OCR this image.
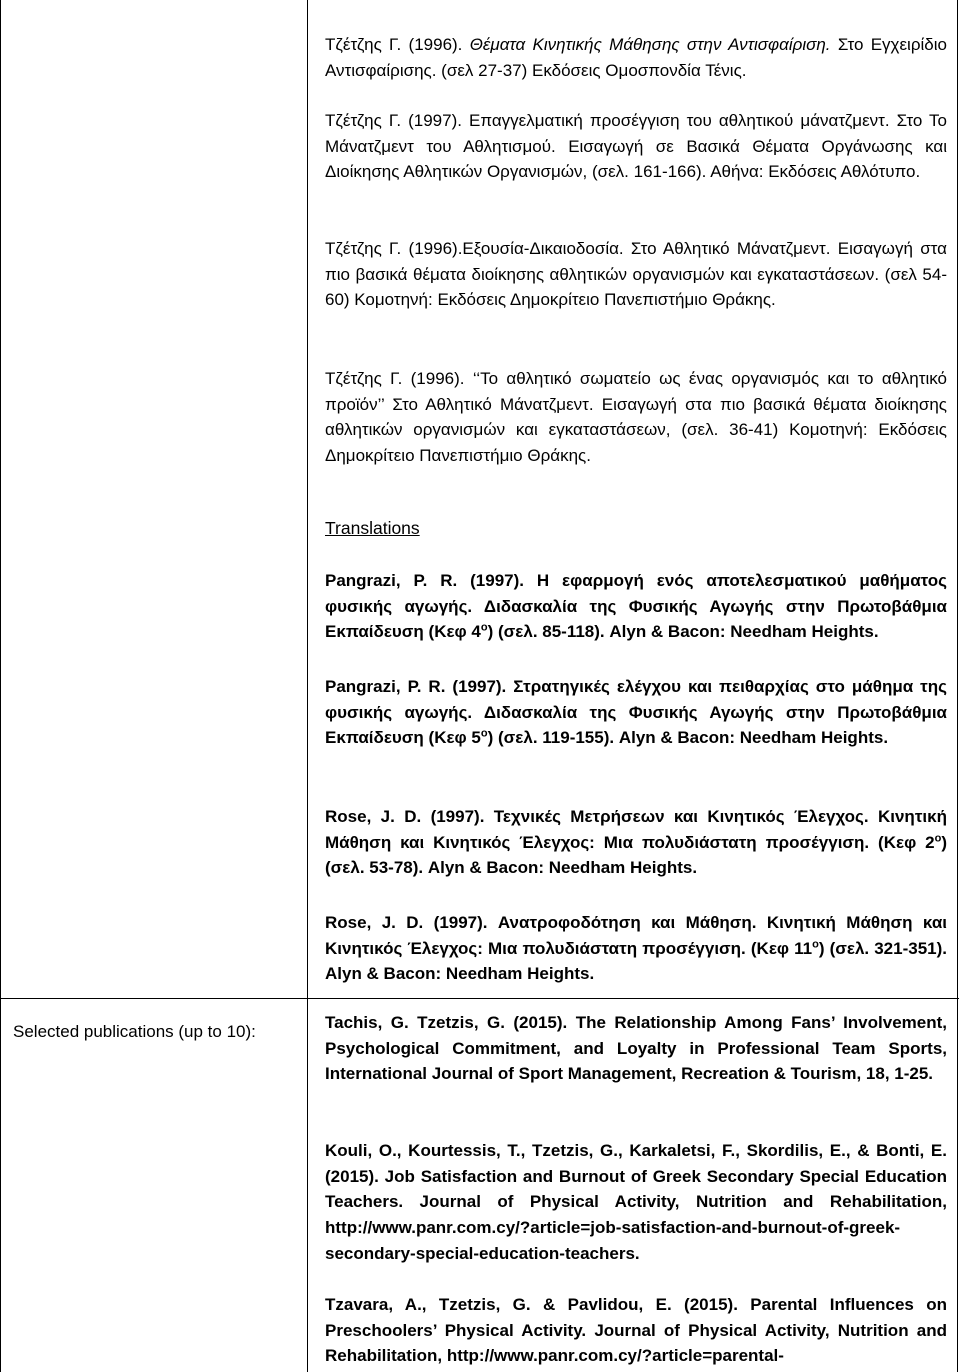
Τζέτζης Γ. (1996). Θέματα Κινητικής Μάθησης στην Αντισφαίριση. Στο Εγχειρίδιο Αντισφαίρισης. (σελ 27-37) Εκδόσεις Ομοσπονδία Τένις.
Τζέτζης Γ. (1997). Επαγγελματική προσέγγιση του αθλητικού μάνατζμεντ. Στο Το Μάνατζμεντ του Αθλητισμού. Εισαγωγή σε Βασικά Θέματα Οργάνωσης και Διοίκησης Αθλητικών Οργανισμών, (σελ. 161-166). Αθήνα: Εκδόσεις Αθλότυπο.
Τζέτζης Γ. (1996).Εξουσία-Δικαιοδοσία. Στο Αθλητικό Μάνατζμεντ. Εισαγωγή στα πιο βασικά θέματα διοίκησης αθλητικών οργανισμών και εγκαταστάσεων. (σελ 54-60) Κομοτηνή: Εκδόσεις Δημοκρίτειο Πανεπιστήμιο Θράκης.
Τζέτζης Γ. (1996). ‘‘Το αθλητικό σωματείο ως ένας οργανισμός και το αθλητικό προϊόν’’ Στο Αθλητικό Μάνατζμεντ. Εισαγωγή στα πιο βασικά θέματα διοίκησης αθλητικών οργανισμών και εγκαταστάσεων, (σελ. 36-41) Κομοτηνή: Εκδόσεις Δημοκρίτειο Πανεπιστήμιο Θράκης.
Translations
Pangrazi, P. R. (1997). Η εφαρμογή ενός αποτελεσματικού μαθήματος φυσικής αγωγής. Διδασκαλία της Φυσικής Αγωγής στην Πρωτοβάθμια Εκπαίδευση (Κεφ $4^o$) (σελ. 85-118). Alyn & Bacon: Needham Heights.
Pangrazi, P. R. (1997). Στρατηγικές ελέγχου και πειθαρχίας στο μάθημα της φυσικής αγωγής. Διδασκαλία της Φυσικής Αγωγής στην Πρωτοβάθμια Εκπαίδευση (Κεφ $5^o$) (σελ. 119-155). Alyn & Bacon: Needham Heights.
Rose, J. D. (1997). Τεχνικές Μετρήσεων και Κινητικός Έλεγχος. Κινητική Μάθηση και Κινητικός Έλεγχος: Μια πολυδιάστατη προσέγγιση. (Κεφ $2^o$) (σελ. 53-78). Alyn & Bacon: Needham Heights.
Rose, J. D. (1997). Ανατροφοδότηση και Μάθηση. Κινητική Μάθηση και Κινητικός Έλεγχος: Μια πολυδιάστατη προσέγγιση. (Κεφ $11^o$) (σελ. 321-351). Alyn & Bacon: Needham Heights.
Tachis, G. Tzetzis, G. (2015). The Relationship Among Fans’ Involvement, Psychological Commitment, and Loyalty in Professional Team Sports, International Journal of Sport Management, Recreation & Tourism, 18, 1-25.
Kouli, O., Kourtessis, T., Tzetzis, G., Karkaletsi, F., Skordilis, E., & Bonti, E. (2015). Job Satisfaction and Burnout of Greek Secondary Special Education Teachers. Journal of Physical Activity, Nutrition and Rehabilitation, http://www.panr.com.cy/?article=job-satisfaction-and-burnout-of-greek-secondary-special-education-teachers.
Tzavara, A., Tzetzis, G. & Pavlidou, E. (2015). Parental Influences on Preschoolers’ Physical Activity. Journal of Physical Activity, Nutrition and Rehabilitation, http://www.panr.com.cy/?article=parental-
Selected publications (up to 10):
